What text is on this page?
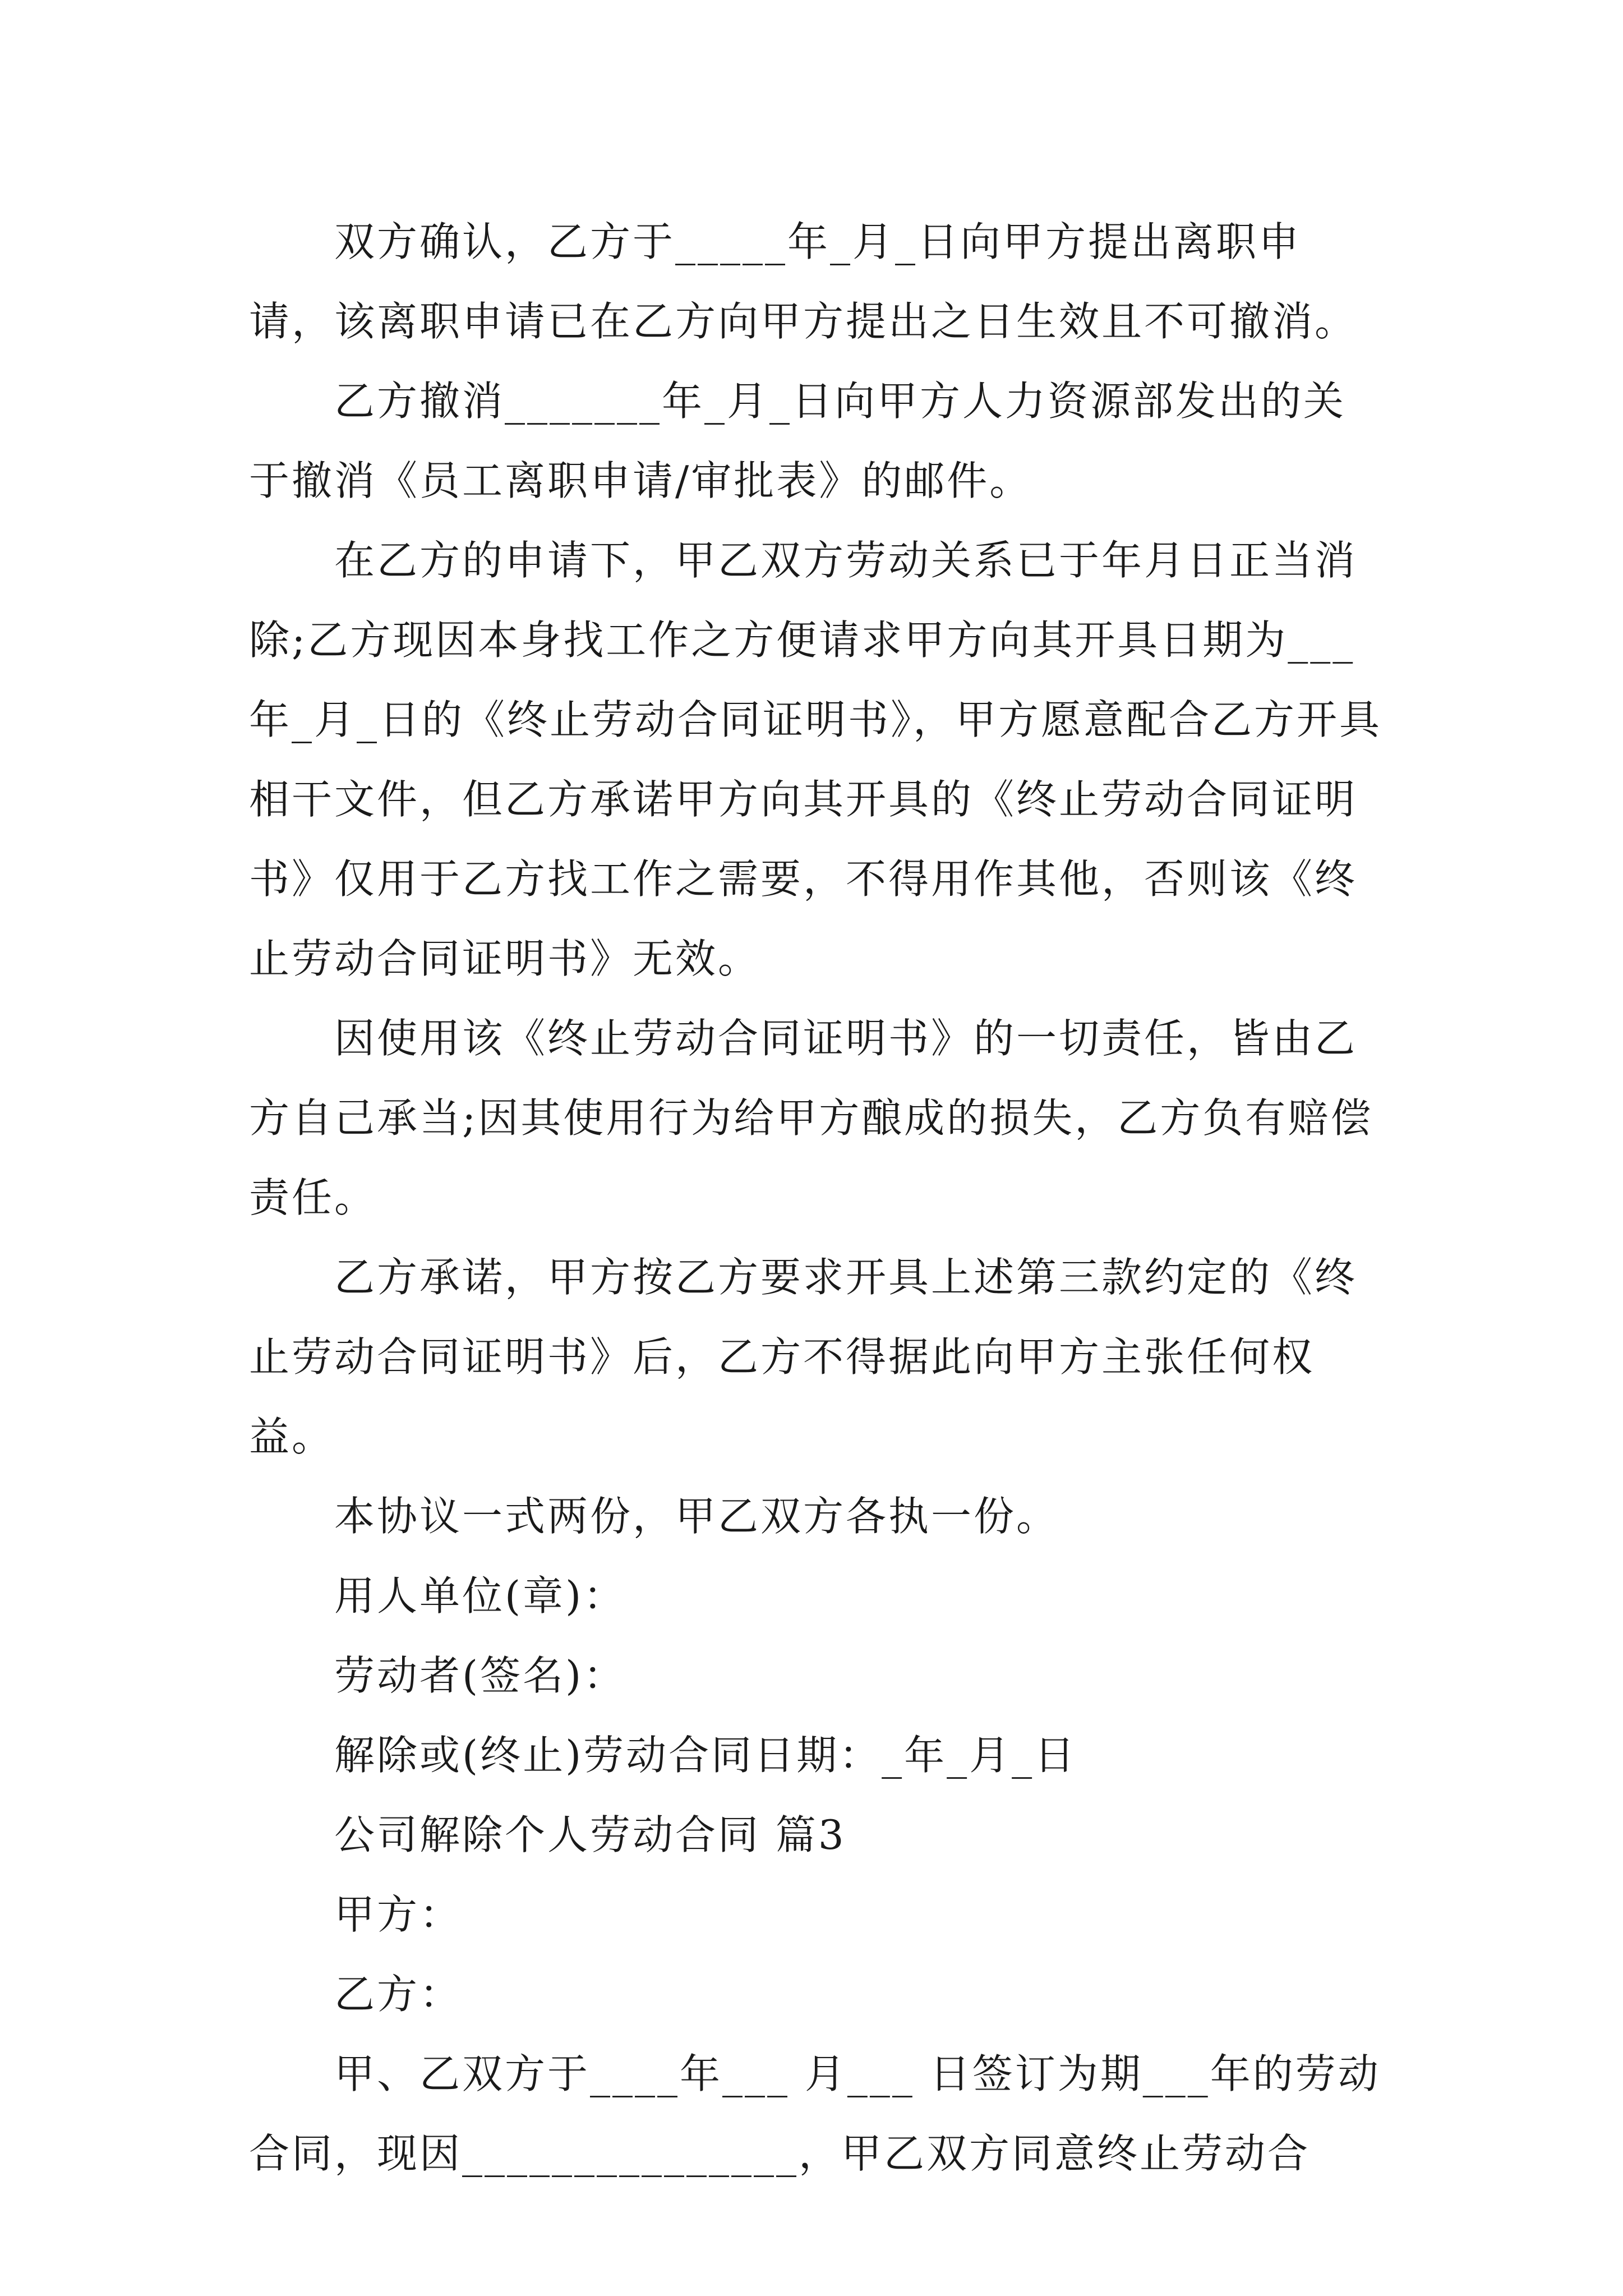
双方确认，乙方于_____年_月_日向甲方提出离职申请，该离职申请已在乙方向甲方提出之日生效且不可撤消。

乙方撤消_______年_月_日向甲方人力资源部发出的关于撤消《员工离职申请/审批表》的邮件。

在乙方的申请下，甲乙双方劳动关系已于年月日正当消除;乙方现因本身找工作之方便请求甲方向其开具日期为___年_月_日的《终止劳动合同证明书》，甲方愿意配合乙方开具相干文件，但乙方承诺甲方向其开具的《终止劳动合同证明书》仅用于乙方找工作之需要，不得用作其他，否则该《终止劳动合同证明书》无效。

因使用该《终止劳动合同证明书》的一切责任，皆由乙方自己承当;因其使用行为给甲方酿成的损失，乙方负有赔偿责任。

乙方承诺，甲方按乙方要求开具上述第三款约定的《终止劳动合同证明书》后，乙方不得据此向甲方主张任何权益。

本协议一式两份，甲乙双方各执一份。

用人单位(章)：

劳动者(签名)：

解除或(终止)劳动合同日期：_年_月_日

公司解除个人劳动合同 篇3

甲方：

乙方：

甲、乙双方于____年___ 月___ 日签订为期___年的劳动合同，现因_______________，甲乙双方同意终止劳动合
